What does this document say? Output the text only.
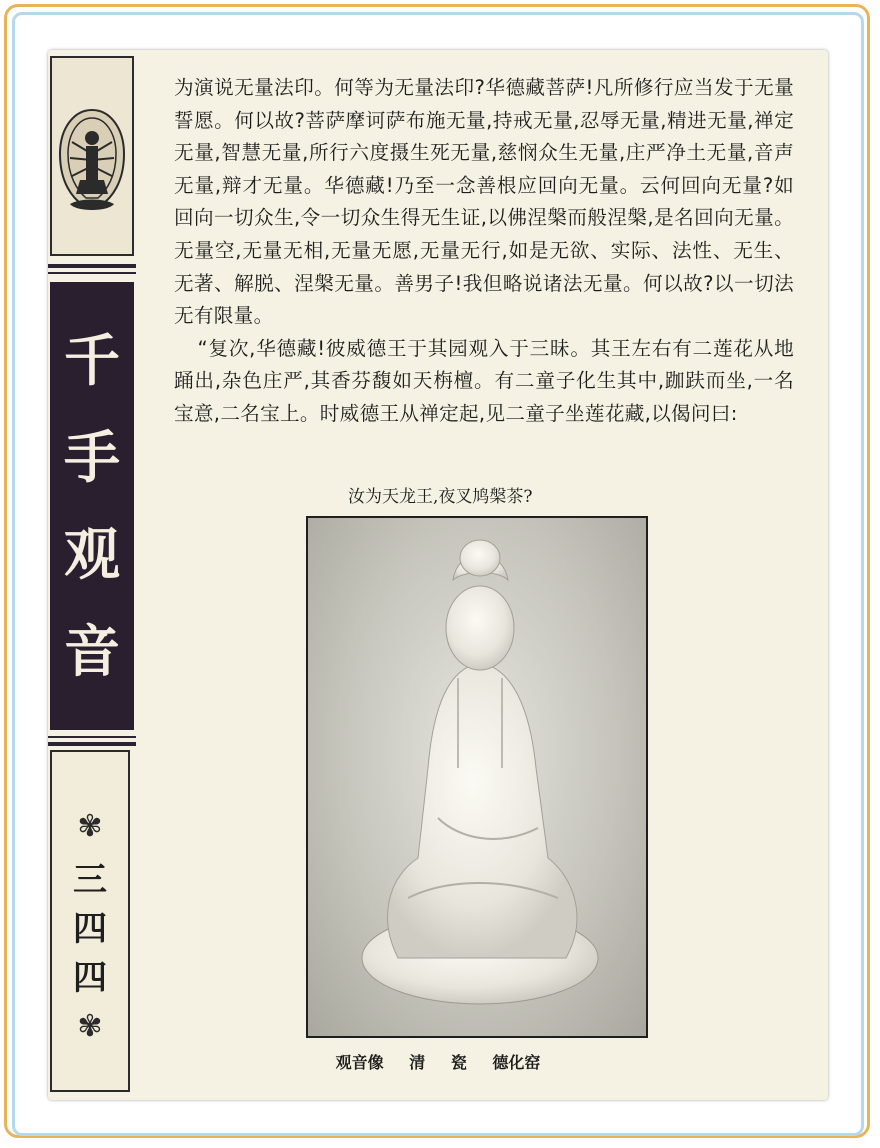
千
手
观
音
✾
三
四
四
✾

为演说无量法印。何等为无量法印?华德藏菩萨!凡所修行应当发于无量誓愿。何以故?菩萨摩诃萨布施无量,持戒无量,忍辱无量,精进无量,禅定无量,智慧无量,所行六度摄生死无量,慈悯众生无量,庄严净土无量,音声无量,辩才无量。华德藏!乃至一念善根应回向无量。云何回向无量?如回向一切众生,令一切众生得无生证,以佛涅槃而般涅槃,是名回向无量。无量空,无量无相,无量无愿,无量无行,如是无欲、实际、法性、无生、无著、解脱、涅槃无量。善男子!我但略说诸法无量。何以故?以一切法无有限量。

“复次,华德藏!彼威德王于其园观入于三昧。其王左右有二莲花从地踊出,杂色庄严,其香芬馥如天栴檀。有二童子化生其中,跏趺而坐,一名宝意,二名宝上。时威德王从禅定起,见二童子坐莲花藏,以偈问曰:

汝为天龙王,夜叉鸠槃茶?
观音像 清 瓷 德化窑
